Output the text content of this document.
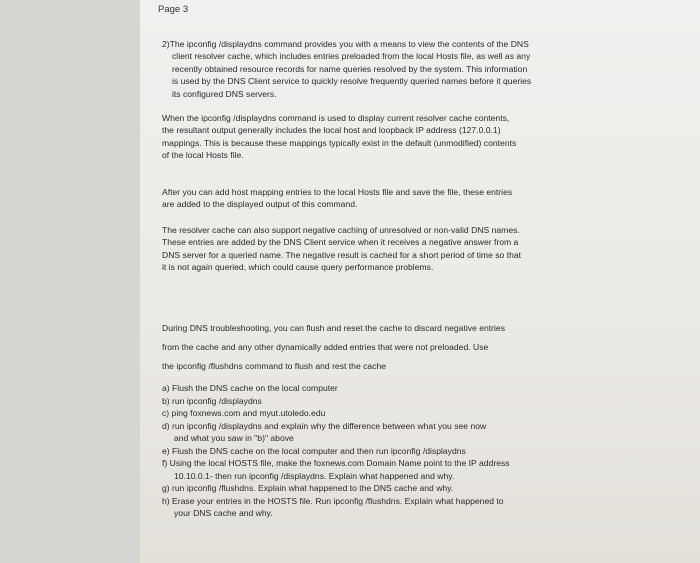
Page 3
2)The ipconfig /displaydns command provides you with a means to view the contents of the DNS
client resolver cache, which includes entries preloaded from the local Hosts file, as well as any
recently obtained resource records for name queries resolved by the system. This information
is used by the DNS Client service to quickly resolve frequently queried names before it queries
its configured DNS servers.
When the ipconfig /displaydns command is used to display current resolver cache contents,
the resultant output generally includes the local host and loopback IP address (127.0.0.1)
mappings. This is because these mappings typically exist in the default (unmodified) contents
of the local Hosts file.
After you can add host mapping entries to the local Hosts file and save the file, these entries
are added to the displayed output of this command.
The resolver cache can also support negative caching of unresolved or non-valid DNS names.
These entries are added by the DNS Client service when it receives a negative answer from a
DNS server for a queried name. The negative result is cached for a short period of time so that
it is not again queried, which could cause query performance problems.
During DNS troubleshooting, you can flush and reset the cache to discard negative entries
from the cache and any other dynamically added entries that were not preloaded. Use
the ipconfig /flushdns command to flush and rest the cache
a) Flush the DNS cache on the local computer
b) run ipconfig /displaydns
c) ping foxnews.com and myut.utoledo.edu
d) run ipconfig /displaydns and explain why the difference between what you see now
and what you saw in "b)" above
e) Flush the DNS cache on the local computer and then run ipconfig /displaydns
f) Using the local HOSTS file, make the foxnews.com Domain Name point to the IP address
10.10.0.1- then run ipconfig /displaydns. Explain what happened and why.
g) run ipconfig /flushdns. Explain what happened to the DNS cache and why.
h) Erase your entries in the HOSTS file. Run ipconfig /flushdns. Explain what happened to
your DNS cache and why.
